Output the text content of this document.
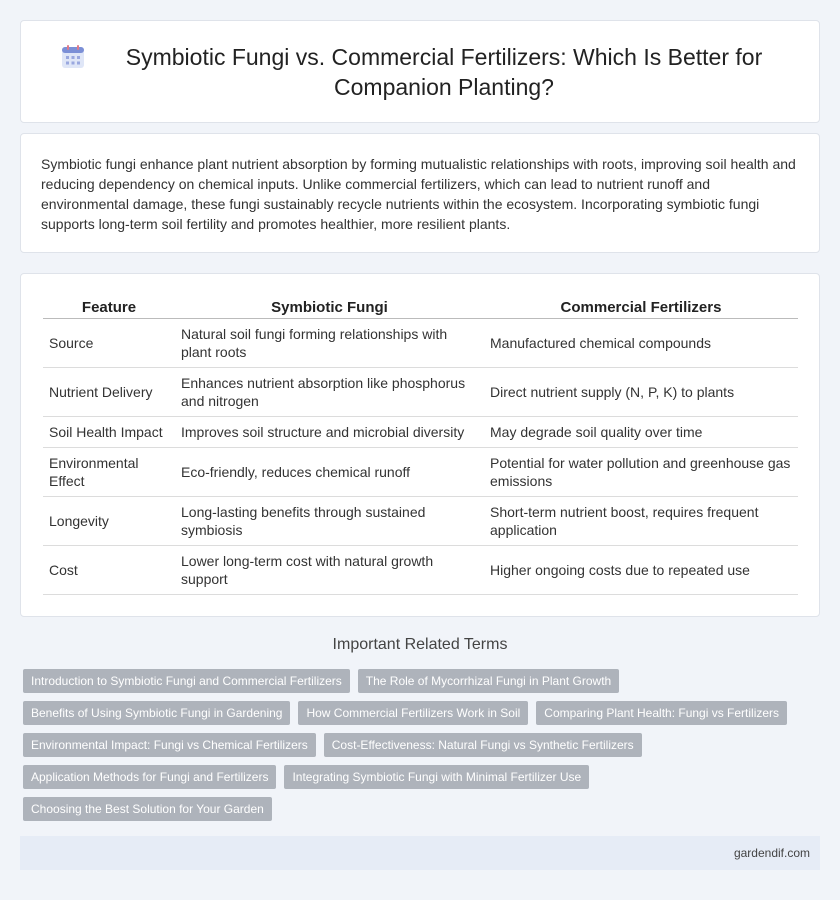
Symbiotic Fungi vs. Commercial Fertilizers: Which Is Better for Companion Planting?

Symbiotic fungi enhance plant nutrient absorption by forming mutualistic relationships with roots, improving soil health and reducing dependency on chemical inputs. Unlike commercial fertilizers, which can lead to nutrient runoff and environmental damage, these fungi sustainably recycle nutrients within the ecosystem. Incorporating symbiotic fungi supports long-term soil fertility and promotes healthier, more resilient plants.

Feature	Symbiotic Fungi	Commercial Fertilizers
Source	Natural soil fungi forming relationships with plant roots	Manufactured chemical compounds
Nutrient Delivery	Enhances nutrient absorption like phosphorus and nitrogen	Direct nutrient supply (N, P, K) to plants
Soil Health Impact	Improves soil structure and microbial diversity	May degrade soil quality over time
Environmental Effect	Eco-friendly, reduces chemical runoff	Potential for water pollution and greenhouse gas emissions
Longevity	Long-lasting benefits through sustained symbiosis	Short-term nutrient boost, requires frequent application
Cost	Lower long-term cost with natural growth support	Higher ongoing costs due to repeated use
Important Related Terms
Introduction to Symbiotic Fungi and Commercial Fertilizers	The Role of Mycorrhizal Fungi in Plant Growth
Benefits of Using Symbiotic Fungi in Gardening	How Commercial Fertilizers Work in Soil	Comparing Plant Health: Fungi vs Fertilizers
Environmental Impact: Fungi vs Chemical Fertilizers	Cost-Effectiveness: Natural Fungi vs Synthetic Fertilizers
Application Methods for Fungi and Fertilizers	Integrating Symbiotic Fungi with Minimal Fertilizer Use
Choosing the Best Solution for Your Garden
gardendif.com
